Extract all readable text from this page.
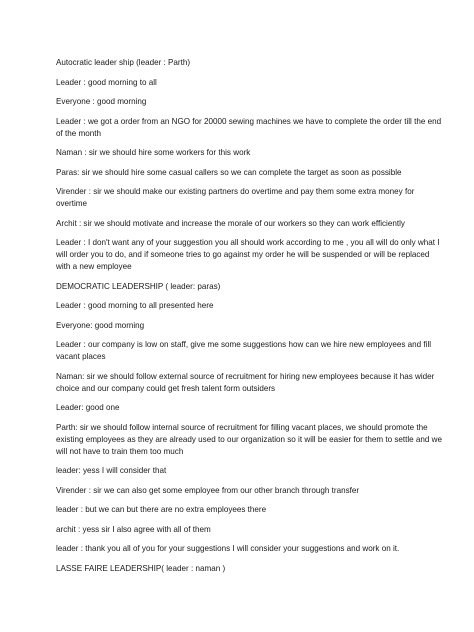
Autocratic leader ship (leader : Parth)

Leader : good morning to all

Everyone : good morning

Leader : we got a order from an NGO for 20000 sewing machines we have to complete the order till the end of the month

Naman : sir we should hire some workers for this work

Paras: sir we should hire some casual callers so we can complete the target as soon as possible

Virender : sir we should make our existing partners do overtime and pay them some extra money for overtime

Archit : sir we should motivate and increase the morale of our workers so they can work efficiently

Leader : I don't want any of your suggestion you all should work according to me , you all will do only what I will order you to do, and if someone tries to go against my order he will be suspended or will be replaced with a new employee

DEMOCRATIC LEADERSHIP ( leader: paras)

Leader : good morning to all presented here

Everyone: good morning

Leader : our company is low on staff, give me some suggestions how can we hire new employees and fill vacant places

Naman: sir we should follow external source of recruitment for hiring new employees because it has wider choice and our company could get fresh talent form outsiders

Leader: good one

Parth: sir we should follow internal source of recruitment for filling vacant places, we should promote the existing employees as they are already used to our organization so it will be easier for them to settle and we will not have to train them too much

leader: yess I will consider that

Virender : sir we can also get some employee from our other branch through transfer

leader : but we can but there are no extra employees there

archit : yess sir I also agree with all of them

leader : thank you all of you for your suggestions I will consider your suggestions and work on it.

LASSE FAIRE LEADERSHIP( leader : naman )
